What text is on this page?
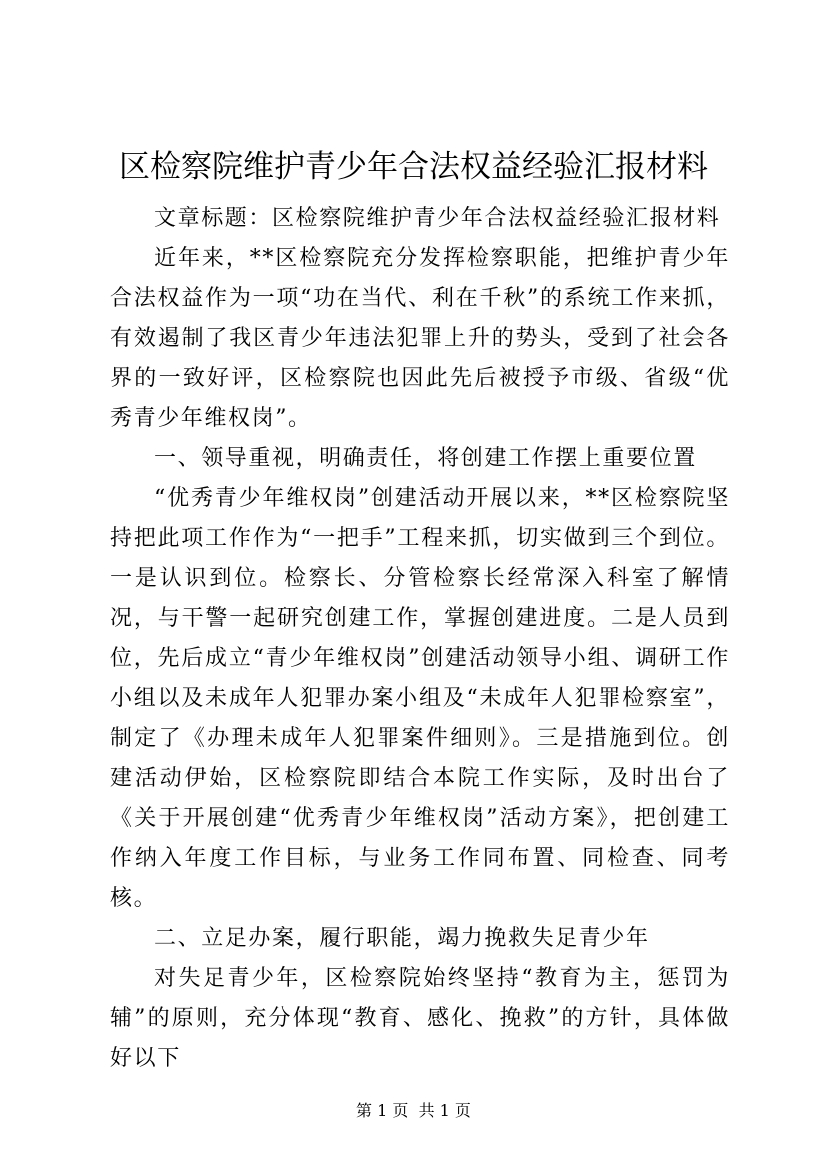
区检察院维护青少年合法权益经验汇报材料

文章标题：区检察院维护青少年合法权益经验汇报材料

近年来，**区检察院充分发挥检察职能，把维护青少年合法权益作为一项“功在当代、利在千秋”的系统工作来抓，有效遏制了我区青少年违法犯罪上升的势头，受到了社会各界的一致好评，区检察院也因此先后被授予市级、省级“优秀青少年维权岗”。

一、领导重视，明确责任，将创建工作摆上重要位置

“优秀青少年维权岗”创建活动开展以来，**区检察院坚持把此项工作作为“一把手”工程来抓，切实做到三个到位。一是认识到位。检察长、分管检察长经常深入科室了解情况，与干警一起研究创建工作，掌握创建进度。二是人员到位，先后成立“青少年维权岗”创建活动领导小组、调研工作小组以及未成年人犯罪办案小组及“未成年人犯罪检察室”，制定了《办理未成年人犯罪案件细则》。三是措施到位。创建活动伊始，区检察院即结合本院工作实际，及时出台了《关于开展创建“优秀青少年维权岗”活动方案》，把创建工作纳入年度工作目标，与业务工作同布置、同检查、同考核。

二、立足办案，履行职能，竭力挽救失足青少年

对失足青少年，区检察院始终坚持“教育为主，惩罚为辅”的原则，充分体现“教育、感化、挽救”的方针，具体做好以下

第 1 页  共 1 页
